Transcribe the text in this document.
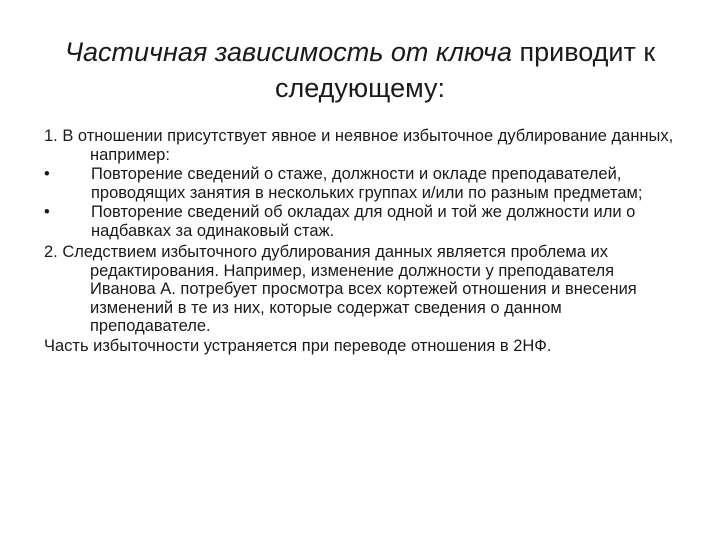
Частичная зависимость от ключа приводит к следующему:

1. В отношении присутствует явное и неявное избыточное дублирование данных, например:

• Повторение сведений о стаже, должности и окладе преподавателей, проводящих занятия в нескольких группах и/или по разным предметам;
• Повторение сведений об окладах для одной и той же должности или о надбавках за одинаковый стаж.

2. Следствием избыточного дублирования данных является проблема их редактирования. Например, изменение должности у преподавателя Иванова А. потребует просмотра всех кортежей отношения и внесения изменений в те из них, которые содержат сведения о данном преподавателе.

Часть избыточности устраняется при переводе отношения в 2НФ.
